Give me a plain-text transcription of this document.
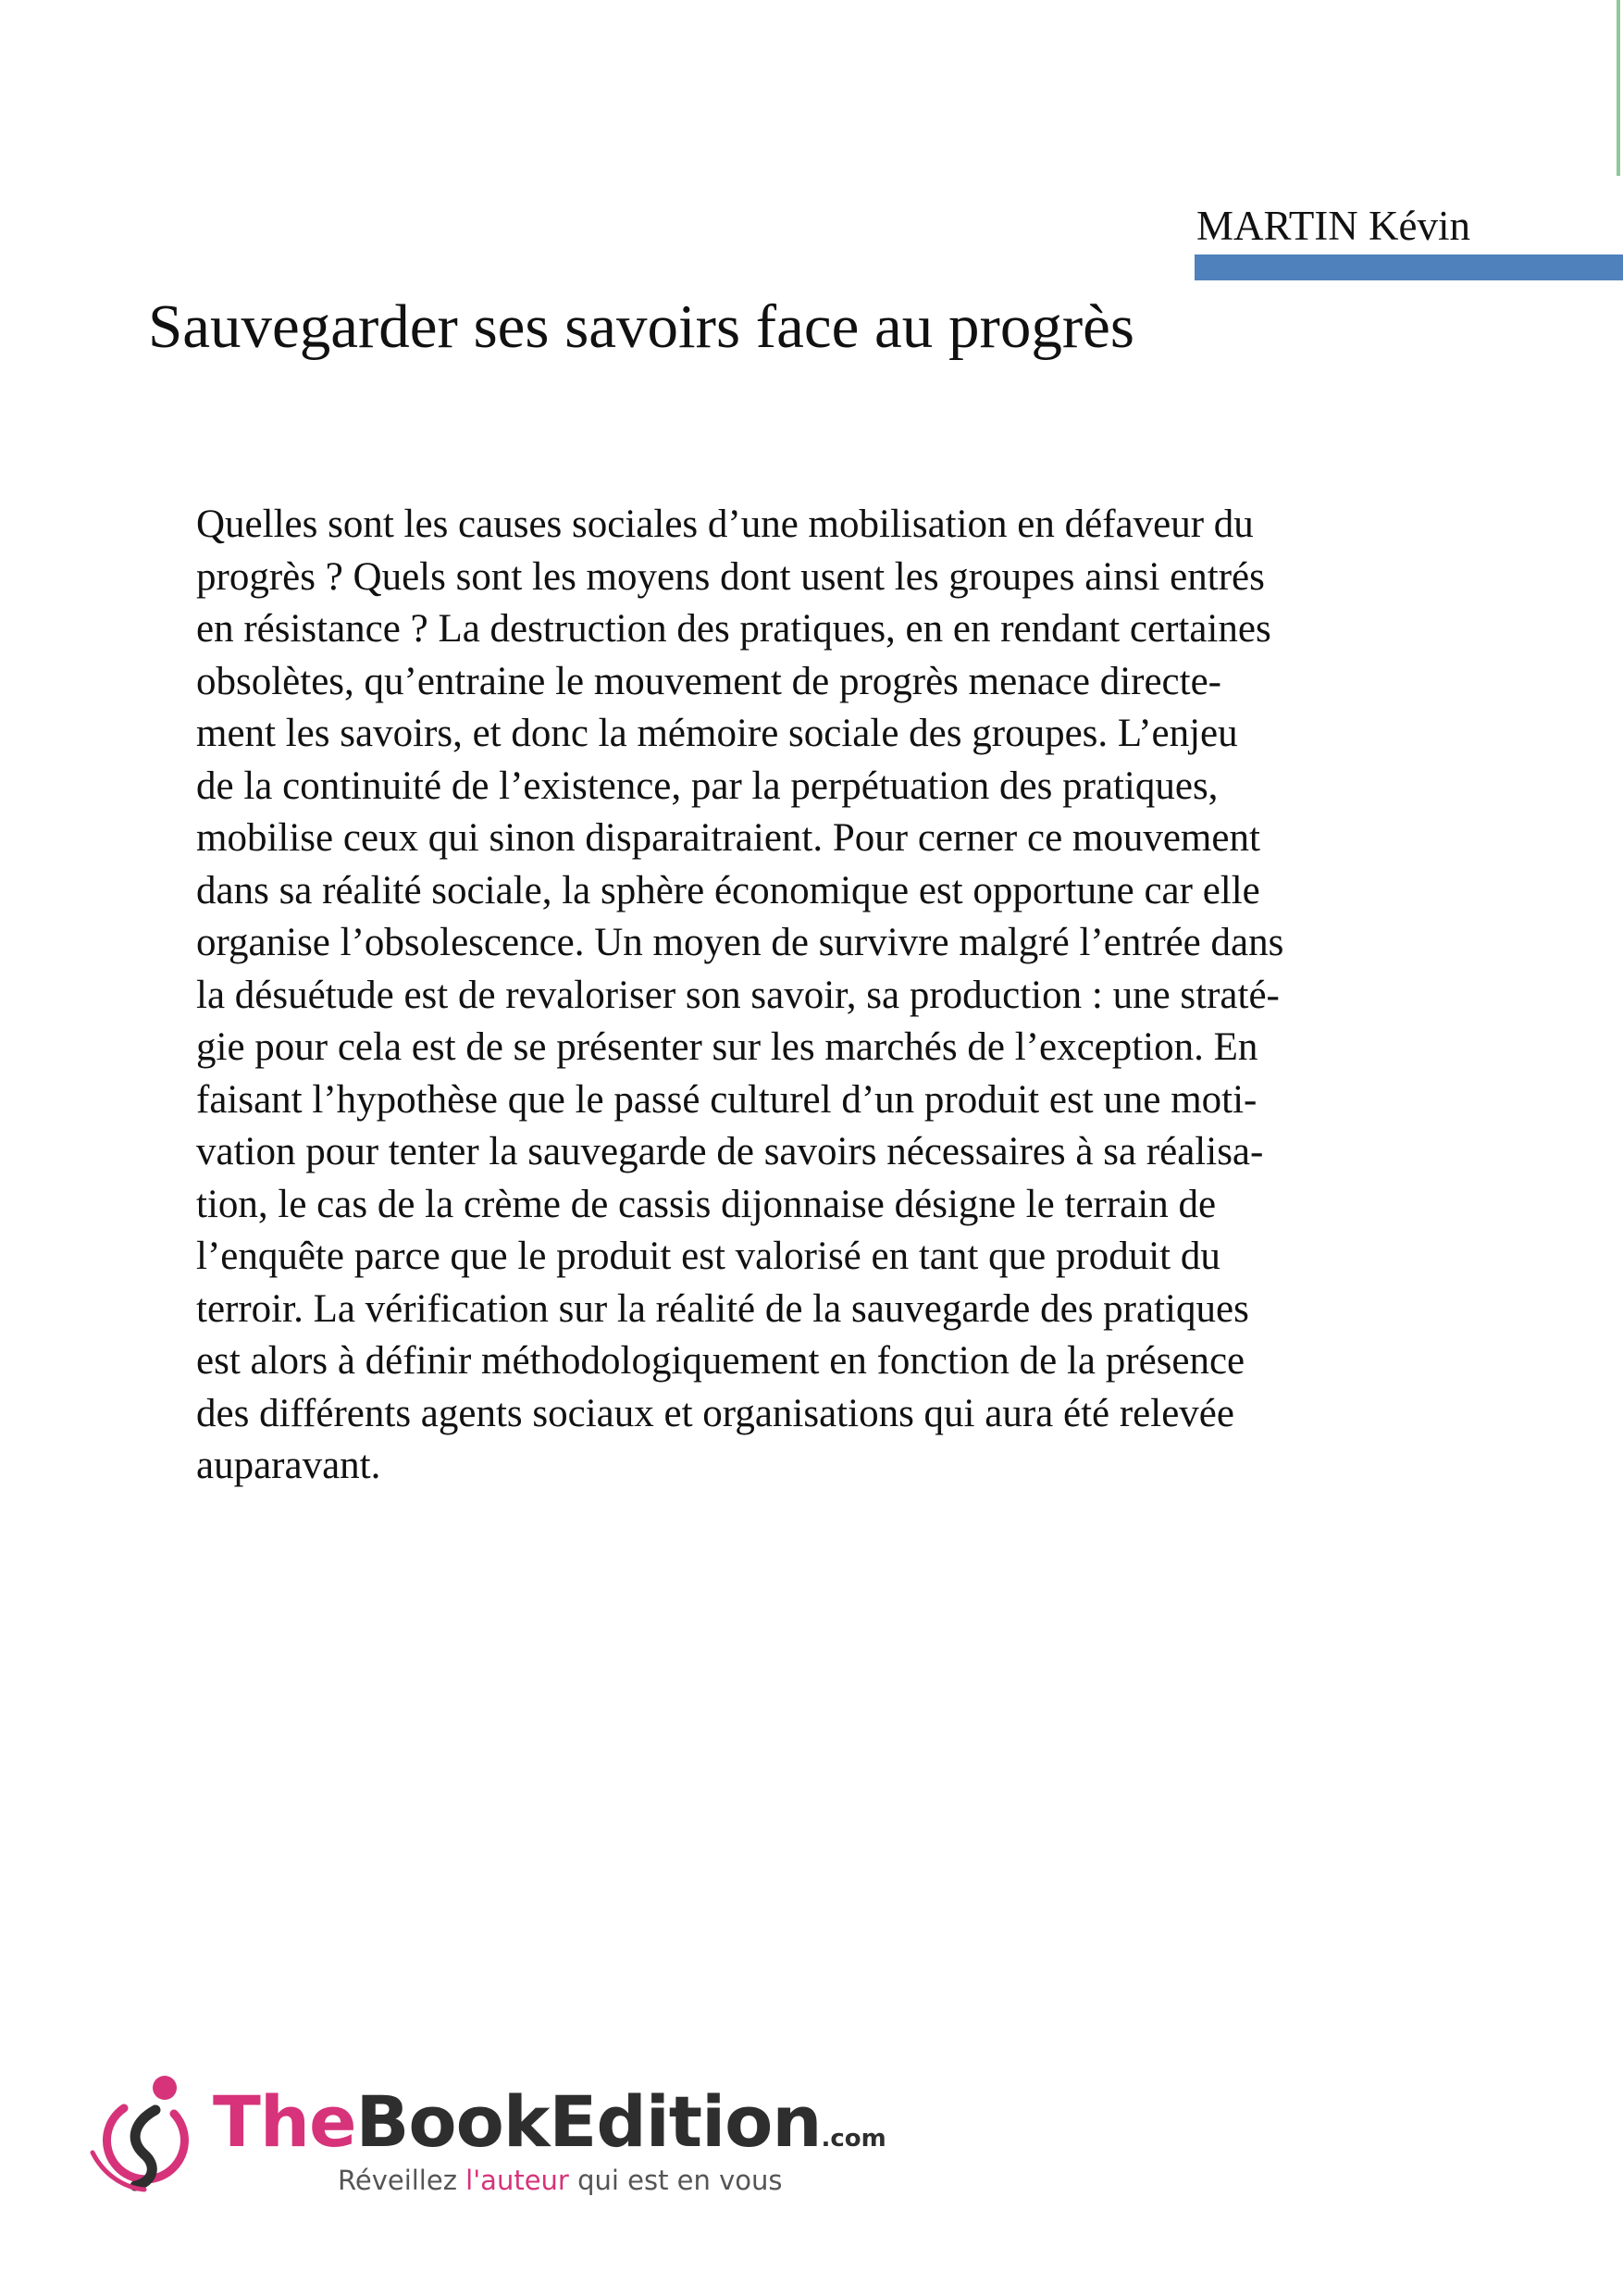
MARTIN Kévin
Sauvegarder ses savoirs face au progrès
Quelles sont les causes sociales d’une mobilisation en défaveur du
progrès ? Quels sont les moyens dont usent les groupes ainsi entrés
en résistance ? La destruction des pratiques, en en rendant certaines
obsolètes, qu’entraine le mouvement de progrès menace directe-
ment les savoirs, et donc la mémoire sociale des groupes. L’enjeu
de la continuité de l’existence, par la perpétuation des pratiques,
mobilise ceux qui sinon disparaitraient. Pour cerner ce mouvement
dans sa réalité sociale, la sphère économique est opportune car elle
organise l’obsolescence. Un moyen de survivre malgré l’entrée dans
la désuétude est de revaloriser son savoir, sa production : une straté-
gie pour cela est de se présenter sur les marchés de l’exception. En
faisant l’hypothèse que le passé culturel d’un produit est une moti-
vation pour tenter la sauvegarde de savoirs nécessaires à sa réalisa-
tion, le cas de la crème de cassis dijonnaise désigne le terrain de
l’enquête parce que le produit est valorisé en tant que produit du
terroir. La vérification sur la réalité de la sauvegarde des pratiques
est alors à définir méthodologiquement en fonction de la présence
des différents agents sociaux et organisations qui aura été relevée
auparavant.
TheBookEdition.com
Réveillez l'auteur qui est en vous
